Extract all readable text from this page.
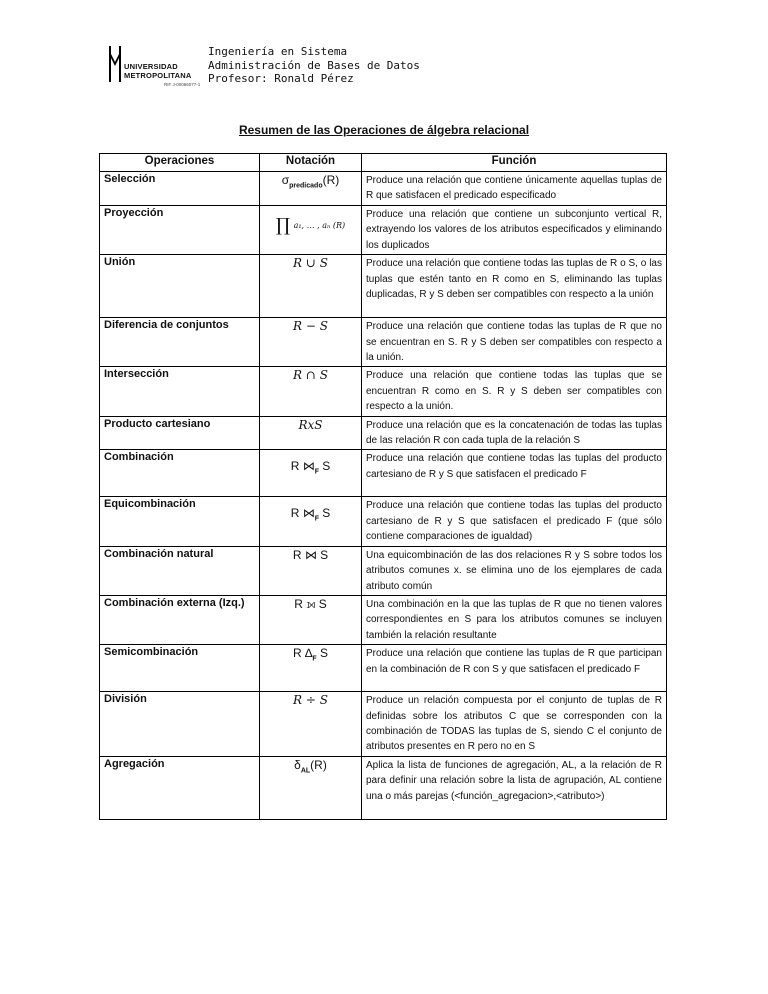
UNIVERSIDAD
METROPOLITANA
RIF J-00066077-1
Ingeniería en Sistema
Administración de Bases de Datos
Profesor: Ronald Pérez
Resumen de las Operaciones de álgebra relacional
Operaciones	Notación	Función
Selección	$\sigma_{predicado}(R)$	Produce una relación que contiene únicamente aquellas tuplas de R que satisfacen el predicado especificado
Proyección	∏ a₁, … , aₙ (R)	Produce una relación que contiene un subconjunto vertical R, extrayendo los valores de los atributos especificados y eliminando los duplicados
Unión	R ∪ S	Produce una relación que contiene todas las tuplas de R o S, o las tuplas que estén tanto en R como en S, eliminando las tuplas duplicadas, R y S deben ser compatibles con respecto a la unión
Diferencia de conjuntos	R − S	Produce una relación que contiene todas las tuplas de R que no se encuentran en S. R y S deben ser compatibles con respecto a la unión.
Intersección	R ∩ S	Produce una relación que contiene todas las tuplas que se encuentran R como en S. R y S deben ser compatibles con respecto a la unión.
Producto cartesiano	RxS	Produce una relación que es la concatenación de todas las tuplas de las relación R con cada tupla de la relación S
Combinación	R $⋈_F$ S	Produce una relación que contiene todas las tuplas del producto cartesiano de R y S que satisfacen el predicado F
Equicombinación	R $⋈_F$ S	Produce una relación que contiene todas las tuplas del producto cartesiano de R y S que satisfacen el predicado F (que sólo contiene comparaciones de igualdad)
Combinación natural	R ⋈ S	Una equicombinación de las dos relaciones R y S sobre todos los atributos comunes x. se elimina uno de los ejemplares de cada atributo común
Combinación externa (Izq.)	R ⟕ S	Una combinación en la que las tuplas de R que no tienen valores correspondientes en S para los atributos comunes se incluyen también la relación resultante
Semicombinación	R $\Delta_F$ S	Produce una relación que contiene las tuplas de R que participan en la combinación de R con S y que satisfacen el predicado F
División	R ÷ S	Produce un relación compuesta por el conjunto de tuplas de R definidas sobre los atributos C que se corresponden con la combinación de TODAS las tuplas de S, siendo C el conjunto de atributos presentes en R pero no en S
Agregación	$\delta_{AL}(R)$	Aplica la lista de funciones de agregación, AL, a la relación de R para definir una relación sobre la lista de agrupación, AL contiene una o más parejas (<función_agregacion>,<atributo>)
